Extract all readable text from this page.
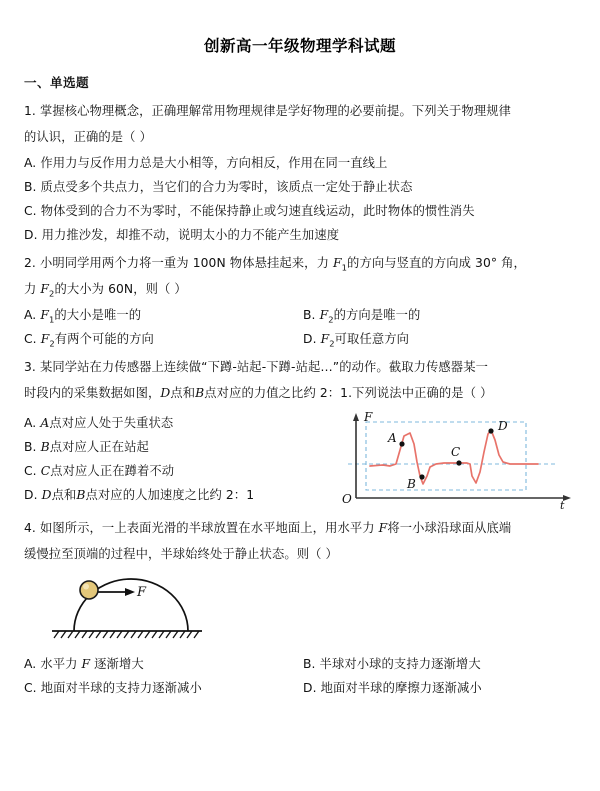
创新高一年级物理学科试题
一、单选题
1. 掌握核心物理概念，正确理解常用物理规律是学好物理的必要前提。下列关于物理规律
的认识，正确的是（ ）
A. 作用力与反作用力总是大小相等，方向相反，作用在同一直线上
B. 质点受多个共点力，当它们的合力为零时，该质点一定处于静止状态
C. 物体受到的合力不为零时，不能保持静止或匀速直线运动，此时物体的惯性消失
D. 用力推沙发，却推不动，说明太小的力不能产生加速度
2. 小明同学用两个力将一重为 100N 物体悬挂起来，力 $F_1$的方向与竖直的方向成 30° 角，
力 $F_2$的大小为 60N，则（ ）
A. $F_1$的大小是唯一的	B. $F_2$的方向是唯一的
C. $F_2$有两个可能的方向	D. $F_2$可取任意方向
3. 某同学站在力传感器上连续做“下蹲-站起-下蹲-站起…”的动作。截取力传感器某一
时段内的采集数据如图，D点和B点对应的力值之比约 2：1.下列说法中正确的是（ ）
A. A点对应人处于失重状态
B. B点对应人正在站起
C. C点对应人正在蹲着不动
D. D点和B点对应的人加速度之比约 2：1
F
t
O
A
B
C
D
4. 如图所示，一上表面光滑的半球放置在水平地面上，用水平力 F将一小球沿球面从底端
缓慢拉至顶端的过程中，半球始终处于静止状态。则（ ）
F
A. 水平力 F 逐渐增大	B. 半球对小球的支持力逐渐增大
C. 地面对半球的支持力逐渐减小	D. 地面对半球的摩擦力逐渐减小
